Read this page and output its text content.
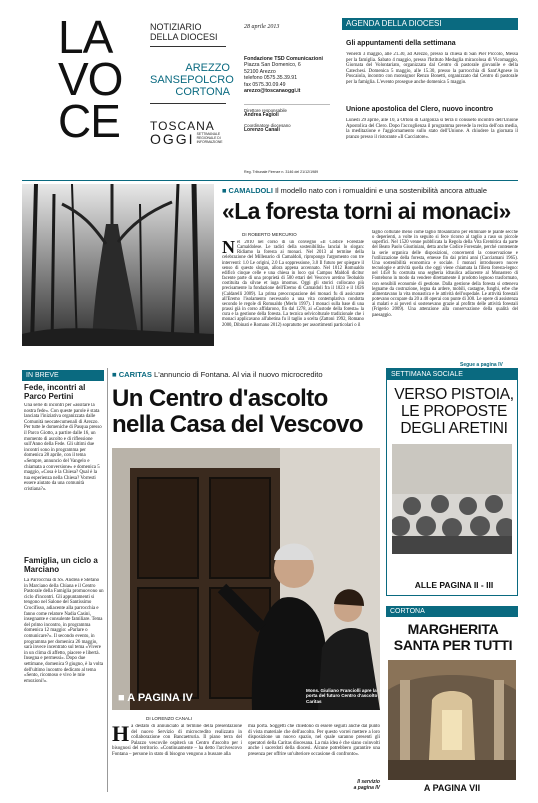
LA
VO
CE
NOTIZIARIO
DELLA DIOCESI
AREZZO
SANSEPOLCRO
CORTONA
TOSCANA
OGGI SETTIMANALE REGIONALE DI INFORMAZIONE
28 aprile 2013
Fondazione TSD Comunicazioni
Piazza San Domenico, 6
52100 Arezzo
telefono 0575.35.39.91
fax 0575.30.09.49
arezzo@toscanaoggi.it
Direttore responsabile
Andrea Fagioli
Coordinatore diocesano
Lorenzo Canali
Reg. Tribunale Firenze n. 3146 del 21/12/1989
AGENDA DELLA DIOCESI
Gli appuntamenti della settimana
Venerdì 3 maggio, alle 21.30, ad Arezzo, presso la chiesa di San Pier Piccolo, Messa per la famiglia. Sabato 4 maggio, presso l'Istituto Medaglia miracolosa di Vicomaggio, Giornata del Volontariato, organizzata dal Centro di pastorale giovanile e della Catechesi. Domenica 5 maggio, alle 15.30, presso la parrocchia di Sant'Agnese in Poscaiola, incontro con monsignor Renzo Bonetti, organizzato dal Centro di pastorale per la famiglia. L'evento prosegue anche domenica 5 maggio.
Unione apostolica del Clero, nuovo incontro
Lunedì 29 aprile, alle 10, a Ortoni di Gargonza si terrà il consueto incontro dell'Unione Apostolica del Clero. Dopo l'accoglienza il programma prevede la recita dell'ora media, la meditazione e l'aggiornamento sullo stato dell'Unione. A chiudere la giornata il pranzo presso il ristorante «Il Cacciatore».
■ CAMALDOLI Il modello nato con i romualdini e una sostenibilità ancora attuale
«La foresta torni ai monaci»
DI ROBERTO MERCURIO
Nel 2010 nel corso di un convegno «Il Codice Forestale Camaldolese. Le radici della sostenibilità» lanciai lo slogan: Ridiamo la foresta ai monaci. Nel 2013 al termine della celebrazione del Millenario di Camaldoli, ripropongo l'argomento con tre interventi: 1.0 Le origini, 2.0 La soppressione, 3.0 Il futuro per spiegare il senso di questo slogan, allora appena accennato. Nel 1012 Romualdo edificò cinque celle e una chiesa in loco qui Campus Maldoli dicitur facente parte di una proprietà di 500 ettari del Vescovo aretino Teobaldo costituita da silvae et iuga imomus. Oggi gli storici collocano più precisamente la fondazione dell'Eremo di Camaldoli fra il 1023 e il 1026 (Caldarelli 2009). La prima preoccupazione dei monaci fu di assicurare all'Eremo l'isolamento necessario a una vita contemplativa condotta secondo le regole di Romualdo (Merlo 1997). I monaci sulla base di una prassi già in corso affidarono, fin dal 1278, ai «Custode della foresta» la cura e la gestione della foresta. La tecnica selvicolturale tradizionale che i monaci applicavano all'abetina fu il taglio a scelta (Zattoni 1992, Romano 2000, Dibinati e Romano 2012) sopratutto per assortimenti particolari o il
taglio colturale meno come taglio fitosanitario per eliminare le piante secche o deperienti, a volte in seguito si fece ricorso al taglio a raso su piccole superfici. Nel 1520 venne pubblicata la Regola della Vita Eremitica da parte del Beato Paolo Giustiniani, detta anche Codice Forestale, perché contenente la serie organica delle disposizioni, concernenti la conservazione e l'utilizzazione della foresta, emesse fin dai primi anni (Cacciamani 1965). Una sostenibilità economica e sociale. I monaci introdussero nuove tecnologie e attività quella che oggi viene chiamata la filiera foresta-legno: nel 1458 fu costruita una segheria idraulica adiacente al Monastero di Fontebono in modo da vendere direttamente il prodotto legnoso trasformato, con sensibili economie di gestione. Dalla gestione della foresta si otteneva legname da costruzione, legna da ardere, mobili, castagne, funghi, erbe che alimentavano la vita monastica e le attività dell'ospedale. Le attività forestali potevano occupare da 20 a 40 operai con punte di 300. Le opere di assistenza ai malati e ai poveri si sostenevano grazie al profitto delle attività forestali (Frigerio 2009). Una attenzione alla conservazione della qualità del paesaggio.
Segue a pagina IV
IN BREVE
Fede, incontri al Parco Pertini
Una serie di incontri per «assitare la nostra fede». Con queste parole è stata lanciata l'iniziativa organizzata dalle Comunità neocatecumenali di Arezzo. Per tutte le domeniche di Pasqua presso il Parco Giotto, a partire dalle 16, un momento di ascolto e di riflessione sull'Anno della Fede. Gli ultimi due incontri sono in programma per domenica 28 aprile, con il tema «Sempre, annuncio del Vangelo e chiamata a conversione» e domenica 5 maggio, «Cosa è la Chiesa? Qual è la tua esperienza nella Chiesa? Vorresti essere aiutato da una comunità cristiana?».
Famiglia, un ciclo a Marciano
La Parrocchia di SS. Andrea e Stefano in Marciano della Chiana e il Centro Pastorale della Famiglia promuovono un ciclo d'incontri. Gli appuntamenti si tengono nel Salone del Santissimo Crocifisso, adiacente alla parrocchia e fanno come relatore Nadia Casini, insegnante e consulente familiare. Tema del primo incontro, in programma domenica 12 maggio: «Parlare o comunicare?». Il secondo evento, in programma per domenica 26 maggio, sarà invece incentrato sul tema «Vivere in un clima di affetto, piacere e libertà. Insegna e permessi». Dopo due settimane, domenica 9 giugno, è la volta dell'ultimo incontro dedicato al tema «Sento, ricomoso e vivo le mie emozioni!».
■ CARITAS L'annuncio di Fontana. Al via il nuovo microcredito
Un Centro d'ascolto
nella Casa del Vescovo
Mons. Giuliano Franciolli apre la porta del futuro Centro d'ascolto Caritas
■ A PAGINA IV
DI LORENZO CANALI
Ha destato di annunciato al termine della presentazione del nuovo Servizio di microcredito realizzato in collaborazione con Bancaetruria. Il piano terra del Palazzo vescovile ospiterà un Centro d'ascolto per i bisognosi del territorio. «Continuamente – ha detto l'arcivescovo Fontana – persone in stato di bisogno vengono a bussare alla
mia porta. Soggetti che chiedono di essere seguiti anche dal punto di vista materiale che dell'ascolto. Per questo vorrei mettere a loro disposizione un nuovo spazio, nel quale saranno presenti gli operatori della Caritas diocesana. La mia idea è che siano coinvolti anche i sacerdoti della diocesi. Alcune potrebbero garantire una presenza per offrire un'ulteriore occasione di confronto».
Il servizio
a pagina IV
SETTIMANA SOCIALE
VERSO PISTOIA,
LE PROPOSTE
DEGLI ARETINI
ALLE PAGINA II - III
CORTONA
MARGHERITA
SANTA PER TUTTI
A PAGINA VII
